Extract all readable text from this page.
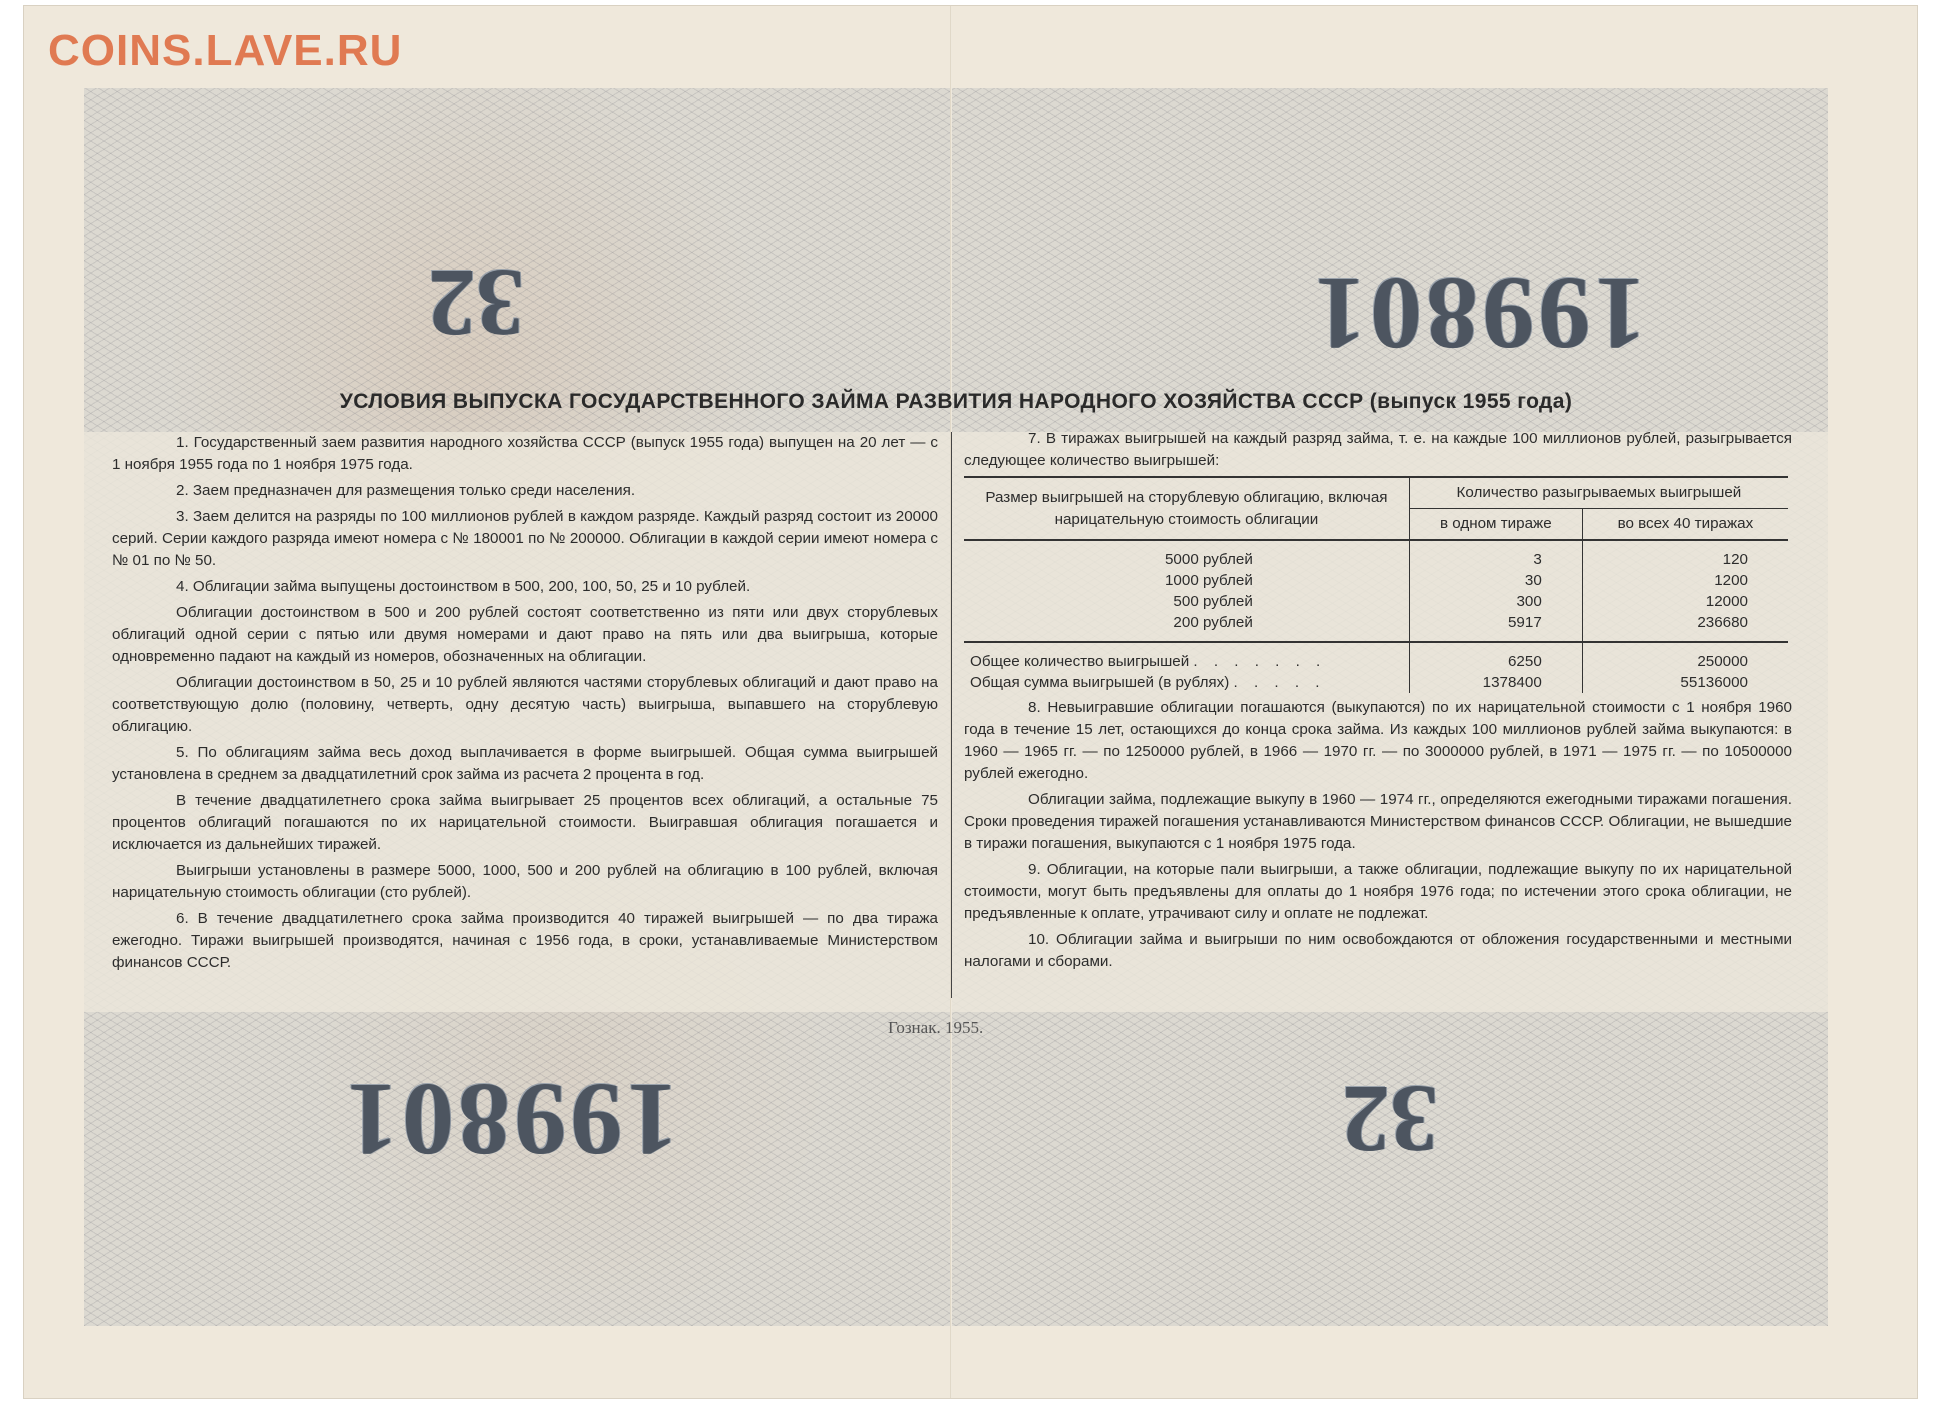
COINS.LAVE.RU
199801
32
199801	32
УСЛОВИЯ ВЫПУСКА ГОСУДАРСТВЕННОГО ЗАЙМА РАЗВИТИЯ НАРОДНОГО ХОЗЯЙСТВА СССР (выпуск 1955 года)

1. Государственный заем развития народного хозяйства СССР (выпуск 1955 года) выпущен на 20 лет — с 1 ноября 1955 года по 1 ноября 1975 года.

2. Заем предназначен для размещения только среди населения.

3. Заем делится на разряды по 100 миллионов рублей в каждом разряде. Каждый разряд состоит из 20000 серий. Серии каждого разряда имеют номера с № 180001 по № 200000. Облигации в каждой серии имеют номера с № 01 по № 50.

4. Облигации займа выпущены достоинством в 500, 200, 100, 50, 25 и 10 рублей.

Облигации достоинством в 500 и 200 рублей состоят соответственно из пяти или двух сторублевых облигаций одной серии с пятью или двумя номерами и дают право на пять или два выигрыша, которые одновременно падают на каждый из номеров, обозначенных на облигации.

Облигации достоинством в 50, 25 и 10 рублей являются частями сторублевых облигаций и дают право на соответствующую долю (половину, четверть, одну десятую часть) выигрыша, выпавшего на сторублевую облигацию.

5. По облигациям займа весь доход выплачивается в форме выигрышей. Общая сумма выигрышей установлена в среднем за двадцатилетний срок займа из расчета 2 процента в год.

В течение двадцатилетнего срока займа выигрывает 25 процентов всех облигаций, а остальные 75 процентов облигаций погашаются по их нарицательной стоимости. Выигравшая облигация погашается и исключается из дальнейших тиражей.

Выигрыши установлены в размере 5000, 1000, 500 и 200 рублей на облигацию в 100 рублей, включая нарицательную стоимость облигации (сто рублей).

6. В течение двадцатилетнего срока займа производится 40 тиражей выигрышей — по два тиража ежегодно. Тиражи выигрышей производятся, начиная с 1956 года, в сроки, устанавливаемые Министерством финансов СССР.

7. В тиражах выигрышей на каждый разряд займа, т. е. на каждые 100 миллионов рублей, разыгрывается следующее количество выигрышей:

Размер выигрышей на сторублевую облигацию, включая нарицательную стоимость облигации	Количество разыгрываемых выигрышей	
	в одном тираже	во всех 40 тиражах
5000 рублей	3	120
1000 рублей	30	1200
500 рублей	300	12000
200 рублей	5917	236680
Общее количество выигрышей . . . . . . .	6250	250000
Общая сумма выигрышей (в рублях) . . . . .	1378400	55136000

8. Невыигравшие облигации погашаются (выкупаются) по их нарицательной стоимости с 1 ноября 1960 года в течение 15 лет, остающихся до конца срока займа. Из каждых 100 миллионов рублей займа выкупаются: в 1960 — 1965 гг. — по 1250000 рублей, в 1966 — 1970 гг. — по 3000000 рублей, в 1971 — 1975 гг. — по 10500000 рублей ежегодно.

Облигации займа, подлежащие выкупу в 1960 — 1974 гг., определяются ежегодными тиражами погашения. Сроки проведения тиражей погашения устанавливаются Министерством финансов СССР. Облигации, не вышедшие в тиражи погашения, выкупаются с 1 ноября 1975 года.

9. Облигации, на которые пали выигрыши, а также облигации, подлежащие выкупу по их нарицательной стоимости, могут быть предъявлены для оплаты до 1 ноября 1976 года; по истечении этого срока облигации, не предъявленные к оплате, утрачивают силу и оплате не подлежат.

10. Облигации займа и выигрыши по ним освобождаются от обложения государственными и местными налогами и сборами.

Гознак. 1955.
